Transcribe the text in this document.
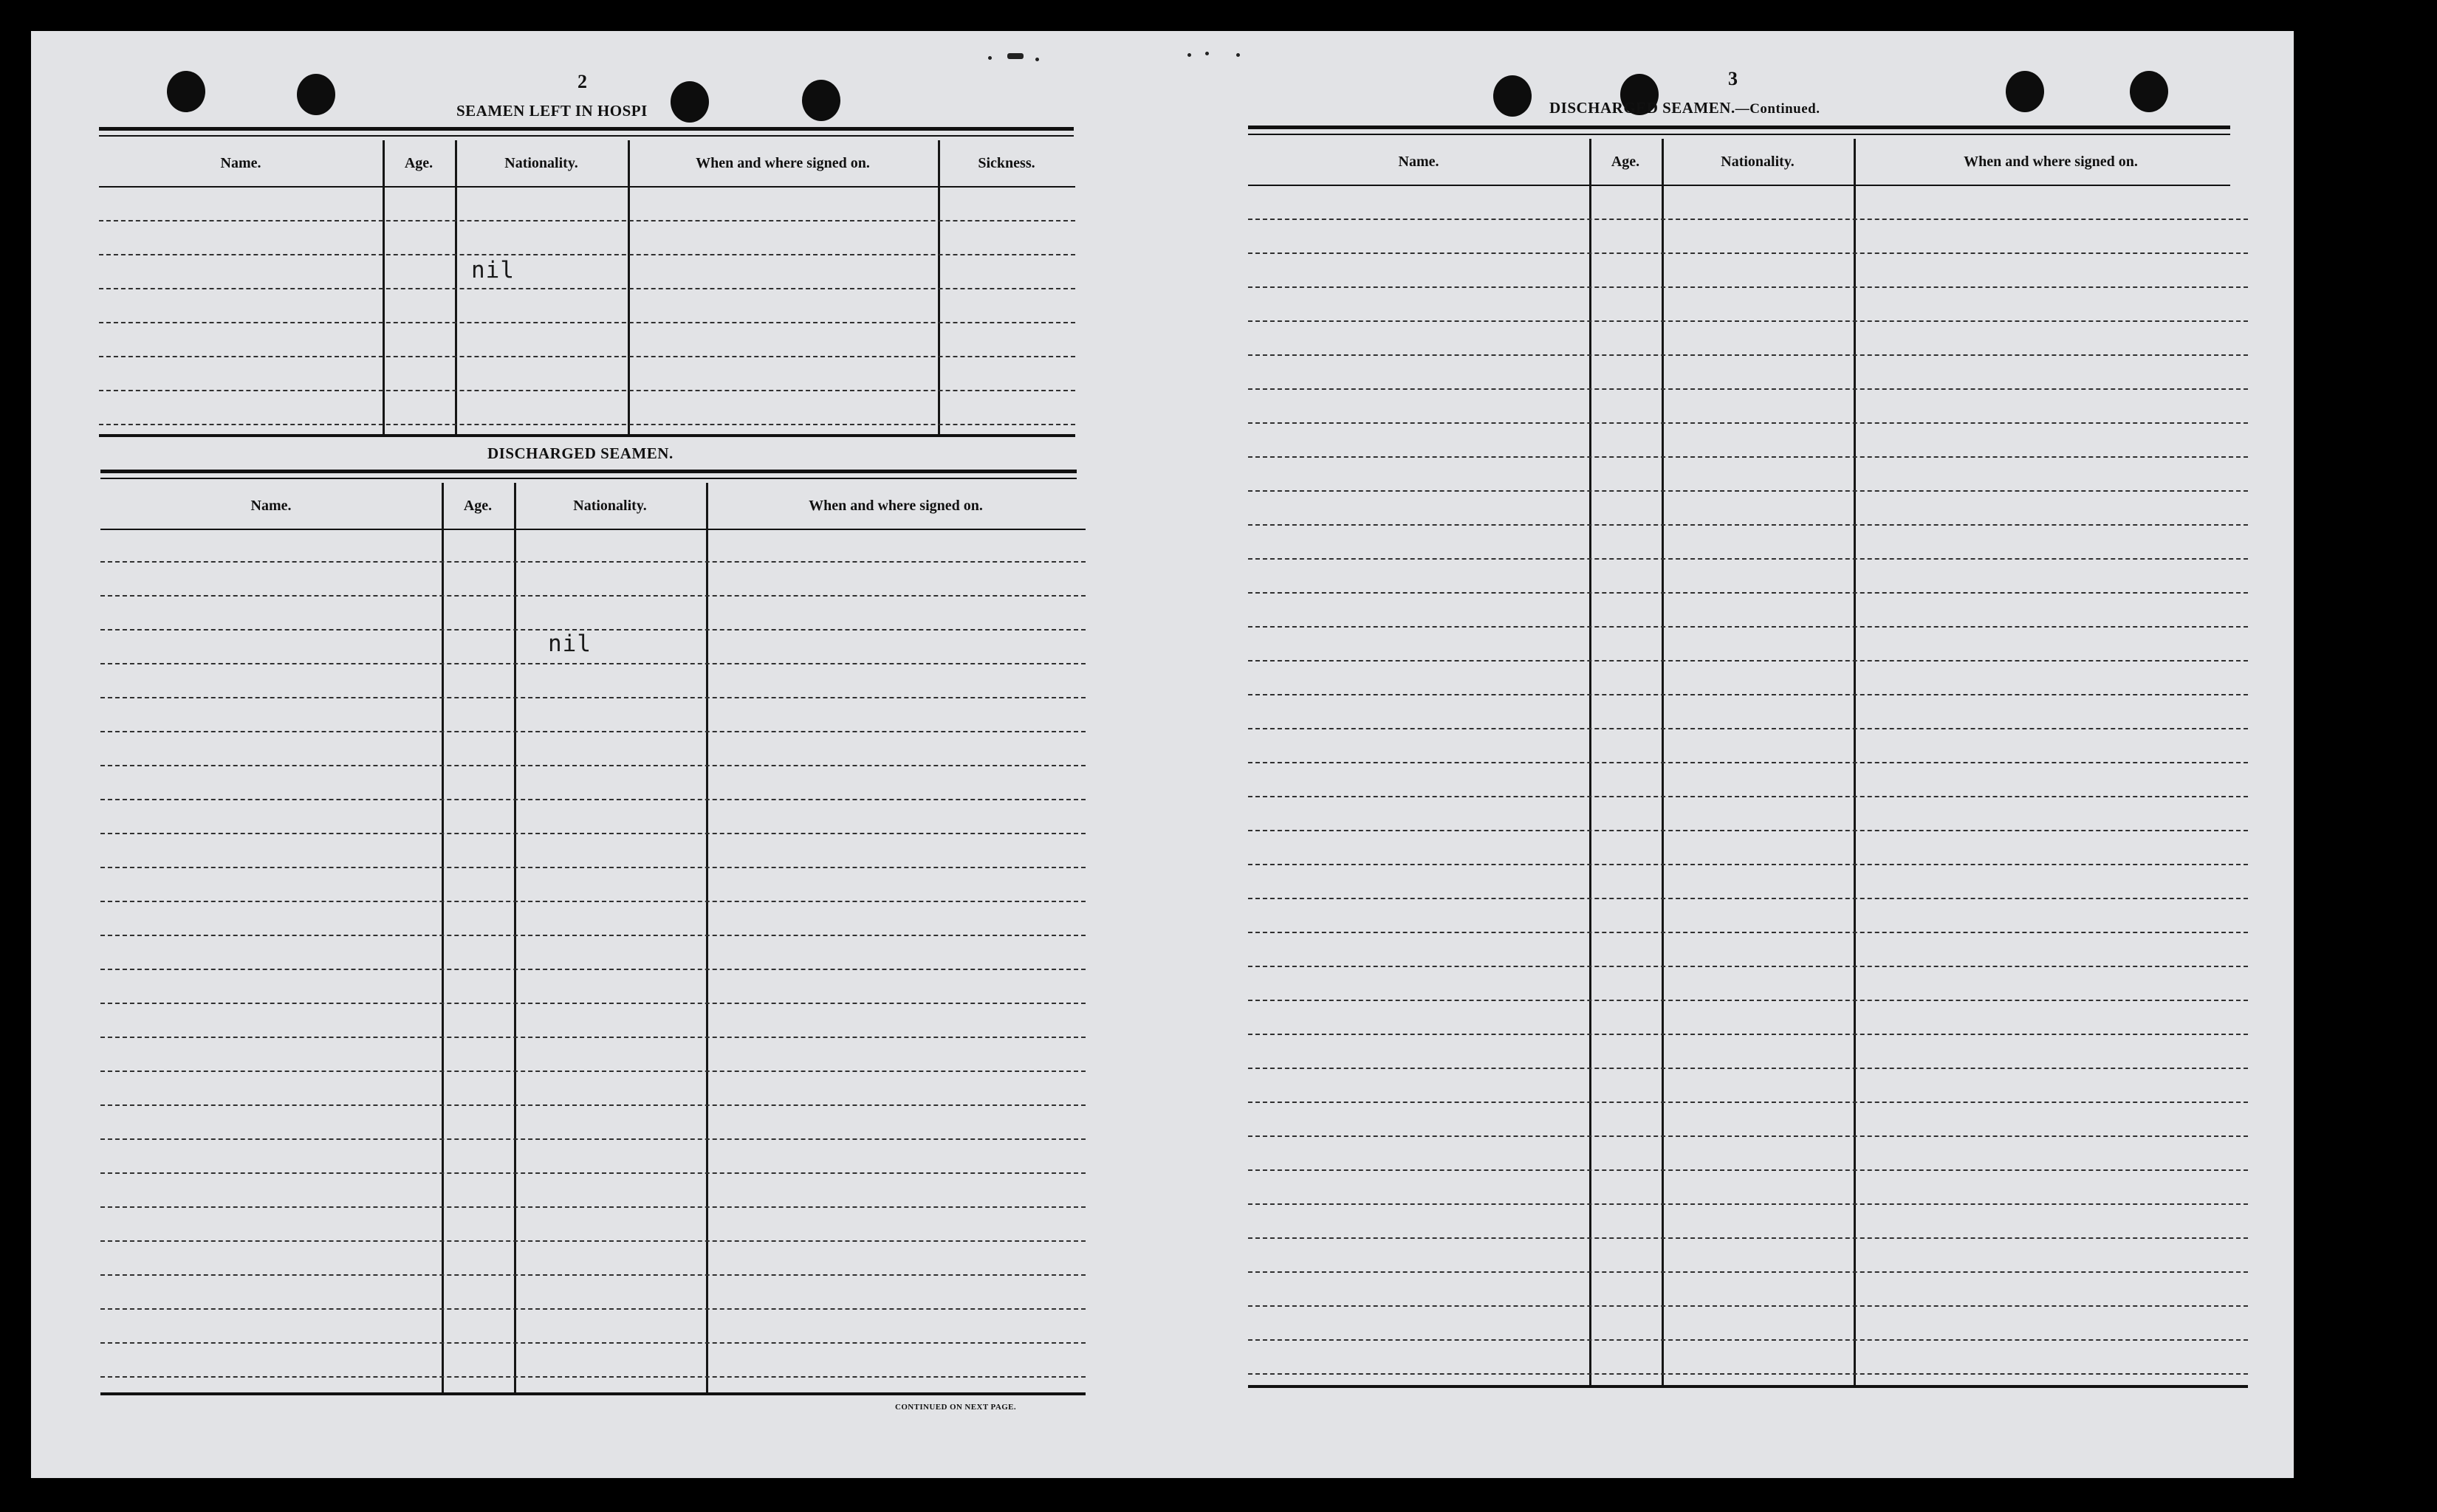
2
SEAMEN LEFT IN HOSPI
Name.	Age.	Nationality.	When and where signed on.	Sickness.
nil
DISCHARGED SEAMEN.
Name.	Age.	Nationality.	When and where signed on.
nil
CONTINUED ON NEXT PAGE.
3
DISCHARGED SEAMEN.—Continued.
Name.	Age.	Nationality.	When and where signed on.
